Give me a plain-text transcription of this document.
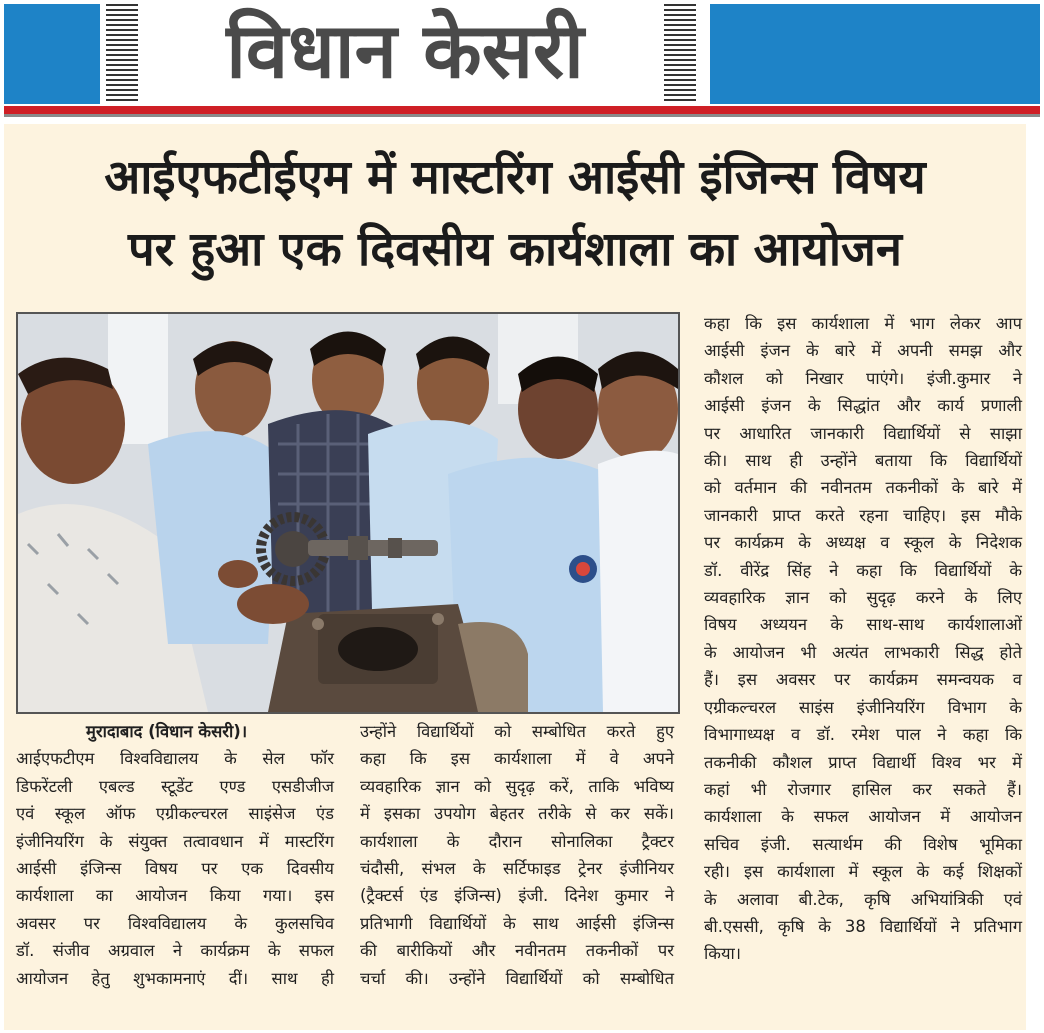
विधान केसरी
आईएफटीईएम में मास्टरिंग आईसी इंजिन्स विषय
पर हुआ एक दिवसीय कार्यशाला का आयोजन
कहा कि इस कार्यशाला में भाग लेकर आप
आईसी इंजन के बारे में अपनी समझ और
कौशल को निखार पाएंगे। इंजी.कुमार ने
आईसी इंजन के सिद्धांत और कार्य प्रणाली
पर आधारित जानकारी विद्यार्थियों से साझा
की। साथ ही उन्होंने बताया कि विद्यार्थियों
को वर्तमान की नवीनतम तकनीकों के बारे में
जानकारी प्राप्त करते रहना चाहिए। इस मौके
पर कार्यक्रम के अध्यक्ष व स्कूल के निदेशक
डॉ. वीरेंद्र सिंह ने कहा कि विद्यार्थियों के
व्यवहारिक ज्ञान को सुदृढ़ करने के लिए
विषय अध्ययन के साथ-साथ कार्यशालाओं
के आयोजन भी अत्यंत लाभकारी सिद्ध होते
हैं। इस अवसर पर कार्यक्रम समन्वयक व
एग्रीकल्चरल साइंस इंजीनियरिंग विभाग के
विभागाध्यक्ष व डॉ. रमेश पाल ने कहा कि
तकनीकी कौशल प्राप्त विद्यार्थी विश्व भर में
कहां भी रोजगार हासिल कर सकते हैं।
कार्यशाला के सफल आयोजन में आयोजन
सचिव इंजी. सत्यार्थम की विशेष भूमिका
रही। इस कार्यशाला में स्कूल के कई शिक्षकों
के अलावा बी.टेक, कृषि अभियांत्रिकी एवं
बी.एससी, कृषि के 38 विद्यार्थियों ने प्रतिभाग
किया।
मुरादाबाद (विधान केसरी)।
आईएफटीएम विश्वविद्यालय के सेल फॉर
डिफरेंटली एबल्ड स्टूडेंट एण्ड एसडीजीज
एवं स्कूल ऑफ एग्रीकल्चरल साइंसेज एंड
इंजीनियरिंग के संयुक्त तत्वावधान में मास्टरिंग
आईसी इंजिन्स विषय पर एक दिवसीय
कार्यशाला का आयोजन किया गया। इस
अवसर पर विश्वविद्यालय के कुलसचिव
डॉ. संजीव अग्रवाल ने कार्यक्रम के सफल
आयोजन हेतु शुभकामनाएं दीं। साथ ही
उन्होंने विद्यार्थियों को सम्बोधित करते हुए
कहा कि इस कार्यशाला में वे अपने
व्यवहारिक ज्ञान को सुदृढ़ करें, ताकि भविष्य
में इसका उपयोग बेहतर तरीके से कर सकें।
कार्यशाला के दौरान सोनालिका ट्रैक्टर
चंदौसी, संभल के सर्टिफाइड ट्रेनर इंजीनियर
(ट्रैक्टर्स एंड इंजिन्स) इंजी. दिनेश कुमार ने
प्रतिभागी विद्यार्थियों के साथ आईसी इंजिन्स
की बारीकियों और नवीनतम तकनीकों पर
चर्चा की। उन्होंने विद्यार्थियों को सम्बोधित
